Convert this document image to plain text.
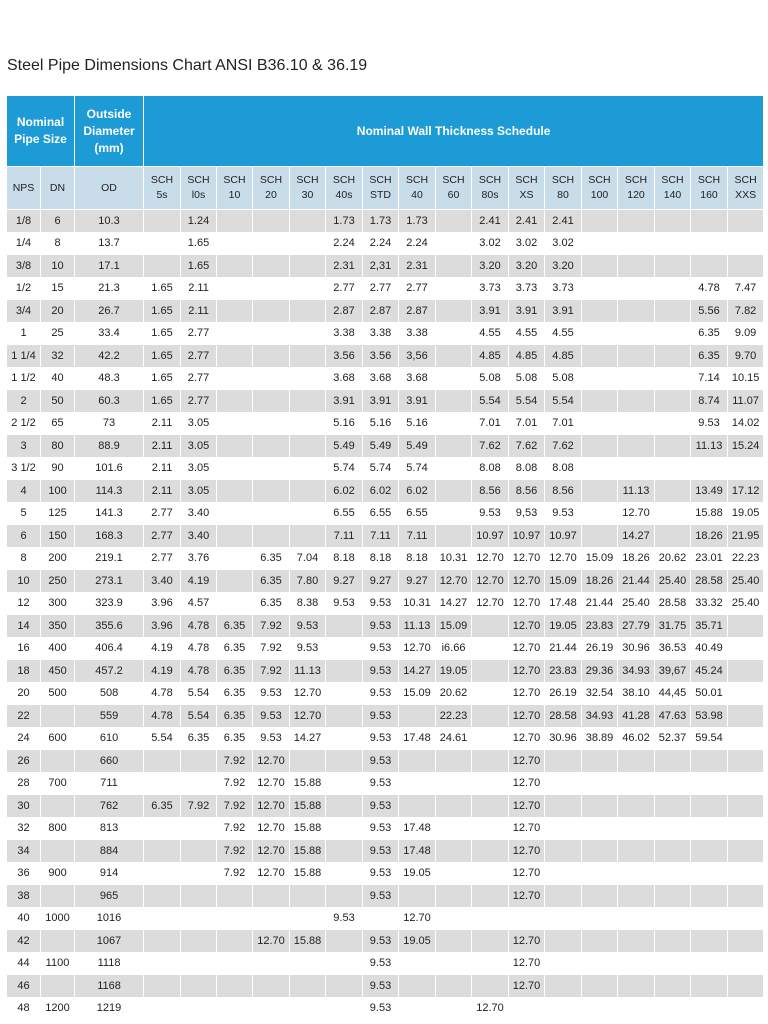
Steel Pipe Dimensions Chart ANSI B36.10 & 36.19
Nominal Pipe Size		Outside Diameter (mm)	Nominal Wall Thickness Schedule																
NPS	DN	OD	SCH 5s	SCH l0s	SCH 10	SCH 20	SCH 30	SCH 40s	SCH STD	SCH 40	SCH 60	SCH 80s	SCH XS	SCH 80	SCH 100	SCH 120	SCH 140	SCH 160	SCH XXS
1/8	6	10.3		1.24				1.73	1.73	1.73		2.41	2.41	2.41					
1/4	8	13.7		1.65				2.24	2.24	2.24		3.02	3.02	3.02					
3/8	10	17.1		1.65				2.31	2,31	2.31		3.20	3.20	3.20					
1/2	15	21.3	1.65	2.11				2.77	2.77	2.77		3.73	3.73	3.73				4.78	7.47
3/4	20	26.7	1.65	2.11				2.87	2.87	2.87		3.91	3.91	3.91				5.56	7.82
1	25	33.4	1.65	2.77				3.38	3.38	3.38		4.55	4.55	4.55				6.35	9.09
1 1/4	32	42.2	1.65	2.77				3.56	3.56	3,56		4.85	4.85	4.85				6.35	9.70
1 1/2	40	48.3	1.65	2.77				3.68	3.68	3.68		5.08	5.08	5.08				7.14	10.15
2	50	60.3	1.65	2.77				3.91	3.91	3.91		5.54	5.54	5.54				8.74	11.07
2 1/2	65	73	2.11	3.05				5.16	5.16	5.16		7.01	7.01	7.01				9.53	14.02
3	80	88.9	2.11	3.05				5.49	5.49	5.49		7.62	7.62	7.62				11.13	15.24
3 1/2	90	101.6	2.11	3.05				5.74	5.74	5.74		8.08	8.08	8.08					
4	100	114.3	2.11	3.05				6.02	6.02	6.02		8.56	8.56	8.56		11.13		13.49	17.12
5	125	141.3	2.77	3.40				6.55	6.55	6.55		9.53	9,53	9.53		12.70		15.88	19.05
6	150	168.3	2.77	3.40				7.11	7.11	7.11		10.97	10.97	10.97		14.27		18.26	21.95
8	200	219.1	2.77	3.76		6.35	7.04	8.18	8.18	8.18	10.31	12.70	12.70	12.70	15.09	18.26	20.62	23.01	22.23
10	250	273.1	3.40	4.19		6.35	7.80	9.27	9.27	9.27	12.70	12.70	12.70	15.09	18.26	21.44	25.40	28.58	25.40
12	300	323.9	3.96	4.57		6.35	8.38	9.53	9.53	10.31	14.27	12.70	12.70	17.48	21.44	25.40	28.58	33.32	25.40
14	350	355.6	3.96	4.78	6.35	7.92	9.53		9.53	11.13	15.09		12.70	19.05	23.83	27.79	31.75	35.71	
16	400	406.4	4.19	4.78	6.35	7.92	9.53		9.53	12.70	i6.66		12.70	21.44	26.19	30.96	36.53	40.49	
18	450	457.2	4.19	4.78	6.35	7.92	11.13		9.53	14.27	19.05		12.70	23.83	29.36	34.93	39,67	45.24	
20	500	508	4.78	5.54	6.35	9.53	12.70		9.53	15.09	20.62		12.70	26.19	32.54	38.10	44,45	50.01	
22		559	4.78	5.54	6.35	9.53	12.70		9.53		22.23		12.70	28.58	34.93	41.28	47.63	53.98	
24	600	610	5.54	6.35	6.35	9.53	14.27		9.53	17.48	24.61		12.70	30.96	38.89	46.02	52.37	59.54	
26		660			7.92	12.70			9.53				12.70						
28	700	711			7.92	12.70	15.88		9.53				12.70						
30		762	6.35	7.92	7.92	12.70	15.88		9.53				12.70						
32	800	813			7.92	12.70	15.88		9.53	17.48			12.70						
34		884			7.92	12.70	15.88		9.53	17.48			12.70						
36	900	914			7.92	12.70	15.88		9.53	19.05			12.70						
38		965							9.53				12.70						
40	1000	1016						9.53		12.70									
42		1067				12.70	15.88		9.53	19.05			12.70						
44	1100	1118							9.53				12.70						
46		1168							9.53				12.70						
48	1200	1219							9.53			12.70							
